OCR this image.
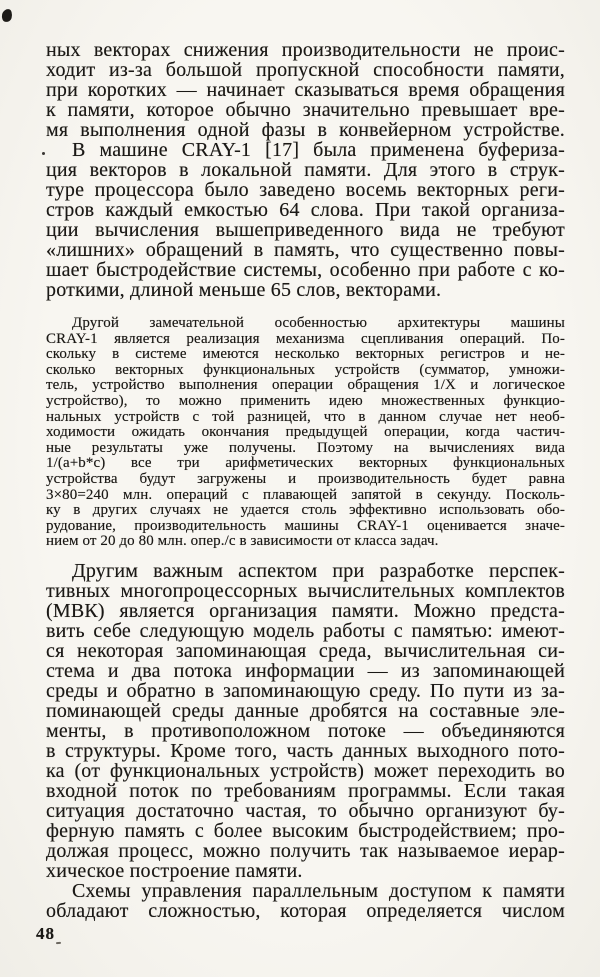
ных векторах снижения производительности не проис-
ходит из-за большой пропускной способности памяти,
при коротких — начинает сказываться время обращения
к памяти, которое обычно значительно превышает вре-
мя выполнения одной фазы в конвейерном устройстве.
В машине CRAY-1 [17] была применена буфериза-
ция векторов в локальной памяти. Для этого в струк-
туре процессора было заведено восемь векторных реги-
стров каждый емкостью 64 слова. При такой организа-
ции вычисления вышеприведенного вида не требуют
«лишних» обращений в память, что существенно повы-
шает быстродействие системы, особенно при работе с ко-
роткими, длиной меньше 65 слов, векторами.
Другой замечательной особенностью архитектуры машины
CRAY-1 является реализация механизма сцепливания операций. По-
скольку в системе имеются несколько векторных регистров и не-
сколько векторных функциональных устройств (сумматор, умножи-
тель, устройство выполнения операции обращения 1/X и логическое
устройство), то можно применить идею множественных функцио-
нальных устройств с той разницей, что в данном случае нет необ-
ходимости ожидать окончания предыдущей операции, когда частич-
ные результаты уже получены. Поэтому на вычислениях вида
1/(a+b*c) все три арифметических векторных функциональных
устройства будут загружены и производительность будет равна
3×80=240 млн. операций с плавающей запятой в секунду. Посколь-
ку в других случаях не удается столь эффективно использовать обо-
рудование, производительность машины CRAY-1 оценивается значе-
нием от 20 до 80 млн. опер./с в зависимости от класса задач.
Другим важным аспектом при разработке перспек-
тивных многопроцессорных вычислительных комплектов
(МВК) является организация памяти. Можно предста-
вить себе следующую модель работы с памятью: имеют-
ся некоторая запоминающая среда, вычислительная си-
стема и два потока информации — из запоминающей
среды и обратно в запоминающую среду. По пути из за-
поминающей среды данные дробятся на составные эле-
менты, в противоположном потоке — объединяются
в структуры. Кроме того, часть данных выходного пото-
ка (от функциональных устройств) может переходить во
входной поток по требованиям программы. Если такая
ситуация достаточно частая, то обычно организуют бу-
ферную память с более высоким быстродействием; про-
должая процесс, можно получить так называемое иерар-
хическое построение памяти.
Схемы управления параллельным доступом к памяти
обладают сложностью, которая определяется числом
48
